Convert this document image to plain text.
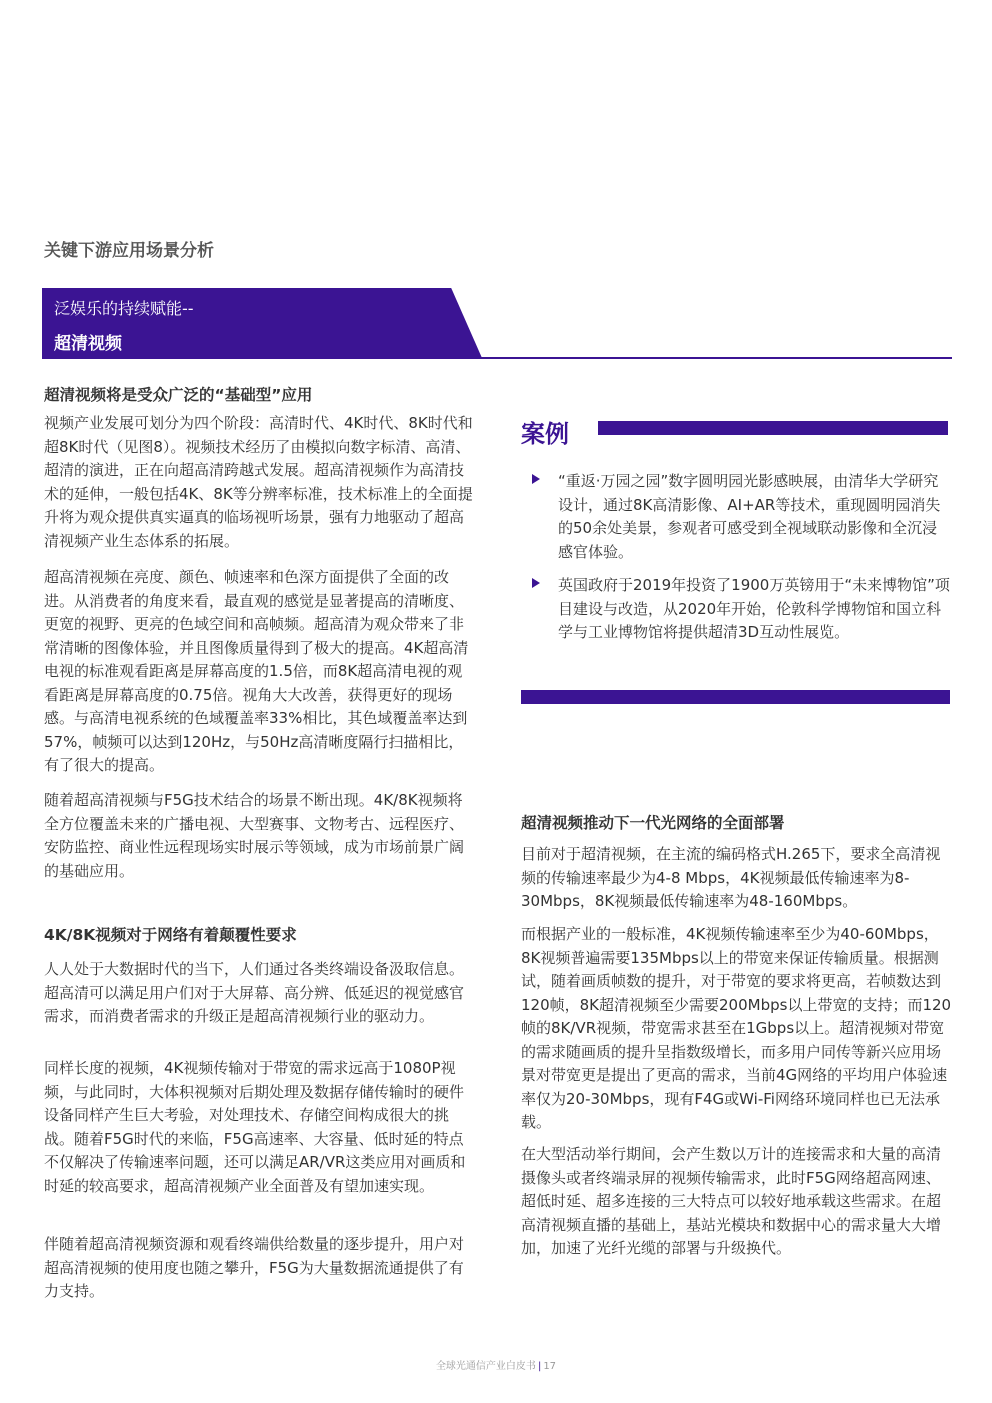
关键下游应用场景分析
泛娱乐的持续赋能--
超清视频
超清视频将是受众广泛的“基础型”应用

视频产业发展可划分为四个阶段：高清时代、4K时代、8K时代和超8K时代（见图8）。视频技术经历了由模拟向数字标清、高清、超清的演进，正在向超高清跨越式发展。超高清视频作为高清技术的延伸，一般包括4K、8K等分辨率标准，技术标准上的全面提升将为观众提供真实逼真的临场视听场景，强有力地驱动了超高清视频产业生态体系的拓展。

超高清视频在亮度、颜色、帧速率和色深方面提供了全面的改进。从消费者的角度来看，最直观的感觉是显著提高的清晰度、更宽的视野、更亮的色域空间和高帧频。超高清为观众带来了非常清晰的图像体验，并且图像质量得到了极大的提高。4K超高清电视的标准观看距离是屏幕高度的1.5倍，而8K超高清电视的观看距离是屏幕高度的0.75倍。视角大大改善，获得更好的现场感。与高清电视系统的色域覆盖率33%相比，其色域覆盖率达到57%，帧频可以达到120Hz，与50Hz高清晰度隔行扫描相比，有了很大的提高。

随着超高清视频与F5G技术结合的场景不断出现。4K/8K视频将全方位覆盖未来的广播电视、大型赛事、文物考古、远程医疗、安防监控、商业性远程现场实时展示等领域，成为市场前景广阔的基础应用。

4K/8K视频对于网络有着颠覆性要求

人人处于大数据时代的当下，人们通过各类终端设备汲取信息。超高清可以满足用户们对于大屏幕、高分辨、低延迟的视觉感官需求，而消费者需求的升级正是超高清视频行业的驱动力。

同样长度的视频，4K视频传输对于带宽的需求远高于1080P视频，与此同时，大体积视频对后期处理及数据存储传输时的硬件设备同样产生巨大考验，对处理技术、存储空间构成很大的挑战。随着F5G时代的来临，F5G高速率、大容量、低时延的特点不仅解决了传输速率问题，还可以满足AR/VR这类应用对画质和时延的较高要求，超高清视频产业全面普及有望加速实现。

伴随着超高清视频资源和观看终端供给数量的逐步提升，用户对超高清视频的使用度也随之攀升，F5G为大量数据流通提供了有力支持。

案例

“重返·万园之园”数字圆明园光影感映展，由清华大学研究设计，通过8K高清影像、AI+AR等技术，重现圆明园消失的50余处美景，参观者可感受到全视域联动影像和全沉浸感官体验。

英国政府于2019年投资了1900万英镑用于“未来博物馆”项目建设与改造，从2020年开始，伦敦科学博物馆和国立科学与工业博物馆将提供超清3D互动性展览。

超清视频推动下一代光网络的全面部署

目前对于超清视频，在主流的编码格式H.265下，要求全高清视频的传输速率最少为4-8 Mbps，4K视频最低传输速率为8-30Mbps，8K视频最低传输速率为48-160Mbps。

而根据产业的一般标准，4K视频传输速率至少为40-60Mbps，8K视频普遍需要135Mbps以上的带宽来保证传输质量。根据测试，随着画质帧数的提升，对于带宽的要求将更高，若帧数达到120帧，8K超清视频至少需要200Mbps以上带宽的支持；而120帧的8K/VR视频，带宽需求甚至在1Gbps以上。超清视频对带宽的需求随画质的提升呈指数级增长，而多用户同传等新兴应用场景对带宽更是提出了更高的需求，当前4G网络的平均用户体验速率仅为20-30Mbps，现有F4G或Wi-Fi网络环境同样也已无法承载。

在大型活动举行期间，会产生数以万计的连接需求和大量的高清摄像头或者终端录屏的视频传输需求，此时F5G网络超高网速、超低时延、超多连接的三大特点可以较好地承载这些需求。在超高清视频直播的基础上，基站光模块和数据中心的需求量大大增加，加速了光纤光缆的部署与升级换代。

全球光通信产业白皮书 | 17
